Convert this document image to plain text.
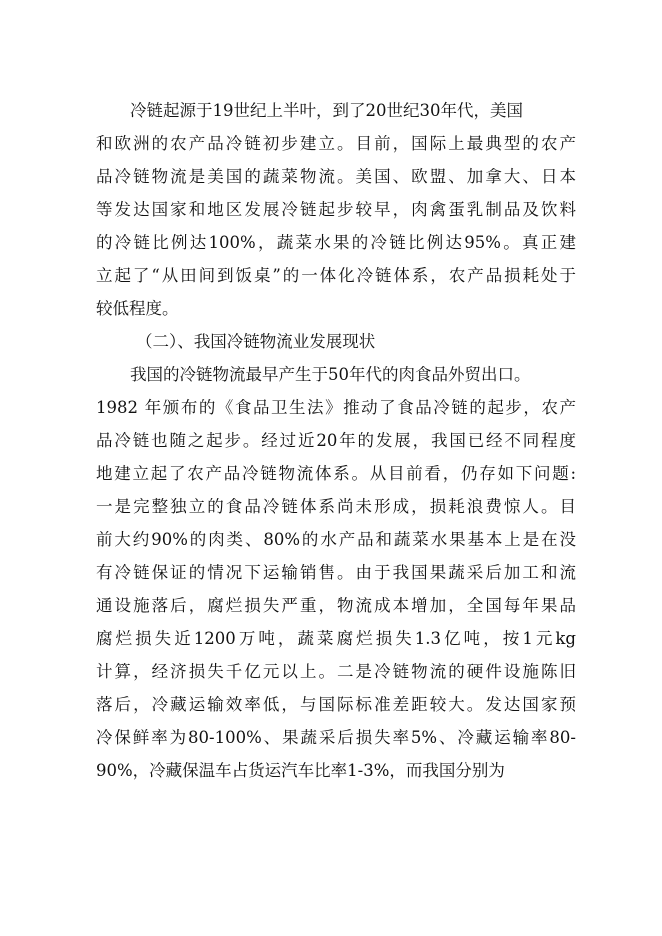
冷链起源于19世纪上半叶，到了20世纪30年代，美国

和欧洲的农产品冷链初步建立。目前，国际上最典型的农产

品冷链物流是美国的蔬菜物流。美国、欧盟、加拿大、日本

等发达国家和地区发展冷链起步较早，肉禽蛋乳制品及饮料

的冷链比例达100%，蔬菜水果的冷链比例达95%。真正建

立起了“从田间到饭桌”的一体化冷链体系，农产品损耗处于

较低程度。

（二）、我国冷链物流业发展现状

我国的冷链物流最早产生于50年代的肉食品外贸出口。

1982 年颁布的《食品卫生法》推动了食品冷链的起步，农产

品冷链也随之起步。经过近20年的发展，我国已经不同程度

地建立起了农产品冷链物流体系。从目前看，仍存如下问题:

一是完整独立的食品冷链体系尚未形成，损耗浪费惊人。目

前大约90%的肉类、80%的水产品和蔬菜水果基本上是在没

有冷链保证的情况下运输销售。由于我国果蔬采后加工和流

通设施落后，腐烂损失严重，物流成本增加，全国每年果品

腐烂损失近1200万吨，蔬菜腐烂损失1.3亿吨，按1元kg

计算，经济损失千亿元以上。二是冷链物流的硬件设施陈旧

落后，冷藏运输效率低，与国际标准差距较大。发达国家预

冷保鲜率为80-100%、果蔬采后损失率5%、冷藏运输率80-

90%，冷藏保温车占货运汽车比率1-3%，而我国分别为
